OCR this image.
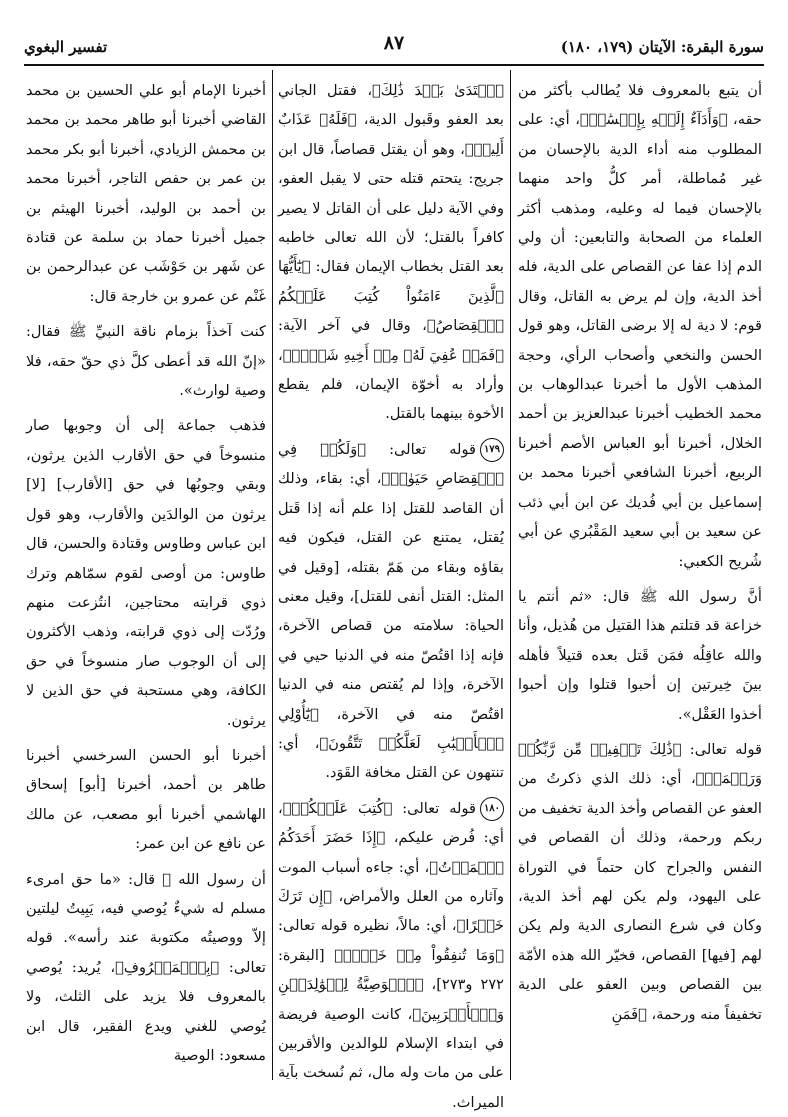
سورة البقرة: الآيتان (١٧٩، ١٨٠)
٨٧
تفسير البغوي

أن يتبع بالمعروف فلا يُطالب بأكثر من حقه، ﴿وَأَدَآءٌ إِلَيۡهِ بِإِحۡسَٰنٖ﴾، أي: على المطلوب منه أداء الدية بالإحسان من غير مُماطلة، أمر كلُّ واحد منهما بالإحسان فيما له وعليه، ومذهب أكثر العلماء من الصحابة والتابعين: أن ولي الدم إذا عفا عن القصاص على الدية، فله أخذ الدية، وإن لم يرض به القاتل، وقال قوم: لا دية له إلا برضى القاتل، وهو قول الحسن والنخعي وأصحاب الرأي، وحجة المذهب الأول ما أخبرنا عبدالوهاب بن محمد الخطيب أخبرنا عبدالعزيز بن أحمد الخلال، أخبرنا أبو العباس الأصم أخبرنا الربيع، أخبرنا الشافعي أخبرنا محمد بن إسماعيل بن أبي فُديك عن ابن أبي ذئب عن سعيد بن أبي سعيد المَقْبُري عن أبي شُريح الكعبي:

أنَّ رسول الله ﷺ قال: «ثم أنتم يا خزاعة قد قتلتم هذا القتيل من هُذيل، وأنا والله عاقِلُه فمَن قَتل بعده قتيلاً فأهله بينَ خِيرتين إن أحبوا قتلوا وإن أحبوا أخذوا العَقْل».

قوله تعالى: ﴿ذَٰلِكَ تَخۡفِيفٞ مِّن رَّبِّكُمۡ وَرَحۡمَةٞ﴾، أي: ذلك الذي ذكرتُ من العفو عن القصاص وأخذ الدية تخفيف من ربكم ورحمة، وذلك أن القصاص في النفس والجراح كان حتماً في التوراة على اليهود، ولم يكن لهم أخذ الدية، وكان في شرع النصارى الدية ولم يكن لهم [فيها] القصاص، فخيّر الله هذه الأمّة بين القصاص وبين العفو على الدية تخفيفاً منه ورحمة، ﴿فَمَنِ

ٱعۡتَدَىٰ بَعۡدَ ذَٰلِكَ﴾، فقتل الجاني بعد العفو وقَبول الدية، ﴿فَلَهُۥ عَذَابٌ أَلِيمٞ﴾، وهو أن يقتل قصاصاً، قال ابن جريج: يتحتم قتله حتى لا يقبل العفو، وفي الآية دليل على أن القاتل لا يصير كافراً بالقتل؛ لأن الله تعالى خاطبه بعد القتل بخطاب الإيمان فقال: ﴿يَٰٓأَيُّهَا ٱلَّذِينَ ءَامَنُواْ كُتِبَ عَلَيۡكُمُ ٱلۡقِصَاصُ﴾، وقال في آخر الآية: ﴿فَمَنۡ عُفِيَ لَهُۥ مِنۡ أَخِيهِ شَيۡءٞ﴾، وأراد به أخوّة الإيمان، فلم يقطع الأخوة بينهما بالقتل.

١٧٩قوله تعالى: ﴿وَلَكُمۡ فِي ٱلۡقِصَاصِ حَيَوٰةٞ﴾، أي: بقاء، وذلك أن القاصد للقتل إذا علم أنه إذا قَتل يُقتل، يمتنع عن القتل، فيكون فيه بقاؤه وبقاء من هَمّ بقتله، [وقيل في المثل: القتل أنفى للقتل]، وقيل معنى الحياة: سلامته من قصاص الآخرة، فإنه إذا اقتُصّ منه في الدنيا حيي في الآخرة، وإذا لم يُقتص منه في الدنيا اقتُصّ منه في الآخرة، ﴿يَٰٓأُوْلِي ٱلۡأَلۡبَٰبِ لَعَلَّكُمۡ تَتَّقُونَ﴾، أي: تنتهون عن القتل مخافة القَوَد.

١٨٠قوله تعالى: ﴿كُتِبَ عَلَيۡكُمۡ﴾، أي: فُرض عليكم، ﴿إِذَا حَضَرَ أَحَدَكُمُ ٱلۡمَوۡتُ﴾، أي: جاءه أسباب الموت وآثاره من العلل والأمراض، ﴿إِن تَرَكَ خَيۡرًا﴾، أي: مالاً، نظيره قوله تعالى: ﴿وَمَا تُنفِقُواْ مِنۡ خَيۡرٖ﴾ [البقرة: ٢٧٢ و٢٧٣]، ﴿ٱلۡوَصِيَّةُ لِلۡوَٰلِدَيۡنِ وَٱلۡأَقۡرَبِينَ﴾، كانت الوصية فريضة في ابتداء الإسلام للوالدين والأقربين على من مات وله مال، ثم نُسخت بآية الميراث.

أخبرنا الإمام أبو علي الحسين بن محمد القاضي أخبرنا أبو طاهر محمد بن محمد بن محمش الزيادي، أخبرنا أبو بكر محمد بن عمر بن حفص التاجر، أخبرنا محمد بن أحمد بن الوليد، أخبرنا الهيثم بن جميل أخبرنا حماد بن سلمة عن قتادة عن شَهر بن حَوْشَب عن عبدالرحمن بن غَنْم عن عمرو بن خارجة قال:

كنت آخذاً بزمام ناقة النبيِّ ﷺ فقال: «إنّ الله قد أعطى كلَّ ذي حقّ حقه، فلا وصية لوارث».

فذهب جماعة إلى أن وجوبها صار منسوخاً في حق الأقارب الذين يرثون، وبقي وجوبُها في حق [الأقارب] [لا] يرثون من الوالدَين والأقارب، وهو قول ابن عباس وطاوس وقتادة والحسن، قال طاوس: من أوصى لقوم سمّاهم وترك ذوي قرابته محتاجين، انتُزعت منهم ورُدّت إلى ذوي قرابته، وذهب الأكثرون إلى أن الوجوب صار منسوخاً في حق الكافة، وهي مستحبة في حق الذين لا يرثون.

أخبرنا أبو الحسن السرخسي أخبرنا طاهر بن أحمد، أخبرنا [أبو] إسحاق الهاشمي أخبرنا أبو مصعب، عن مالك عن نافع عن ابن عمر:

أن رسول الله ﷺ قال: «ما حق امرىء مسلم له شيءٌ يُوصي فيه، يَبِيتُ ليلتين إلاّ ووصيتُه مكتوبة عند رأسه». قوله تعالى: ﴿بِٱلۡمَعۡرُوفِ﴾، يُريد: يُوصي بالمعروف فلا يزيد على الثلث، ولا يُوصي للغني ويدع الفقير، قال ابن مسعود: الوصية
